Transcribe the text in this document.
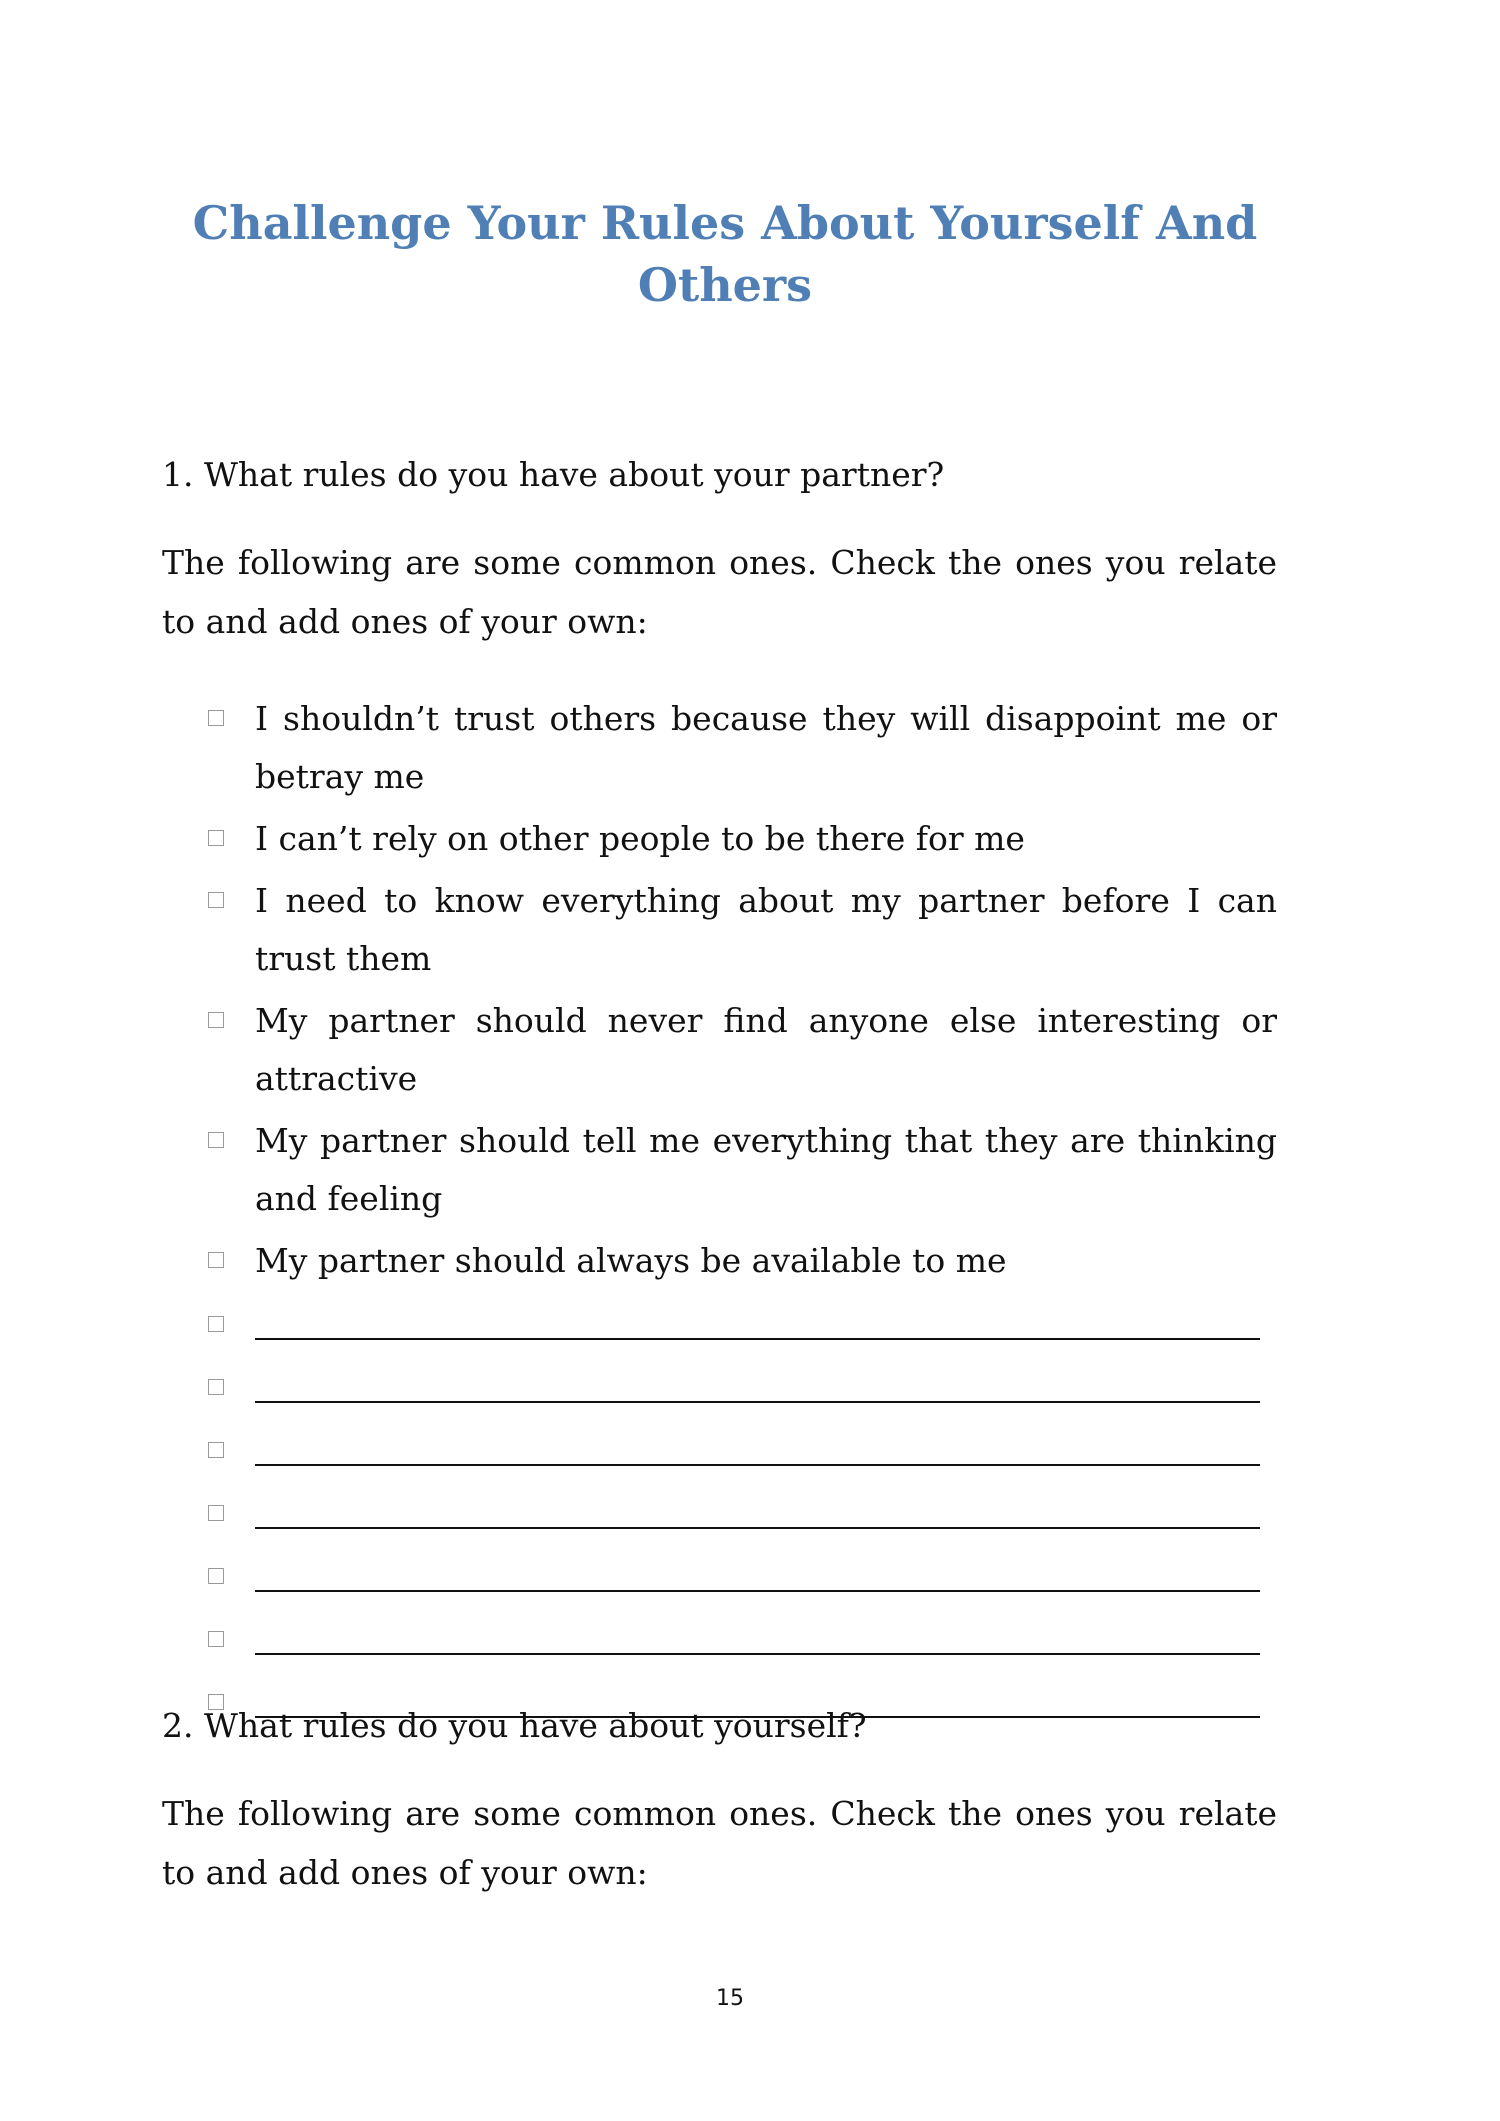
Challenge Your Rules About Yourself And
Others
1. What rules do you have about your partner?
The following are some common ones. Check the ones you relate to and add ones of your own:
I shouldn’t trust others because they will disappoint me or betray me
I can’t rely on other people to be there for me
I need to know everything about my partner before I can trust them
My partner should never find anyone else interesting or attractive
My partner should tell me everything that they are thinking and feeling
My partner should always be available to me
2. What rules do you have about yourself?
The following are some common ones. Check the ones you relate to and add ones of your own:
15
